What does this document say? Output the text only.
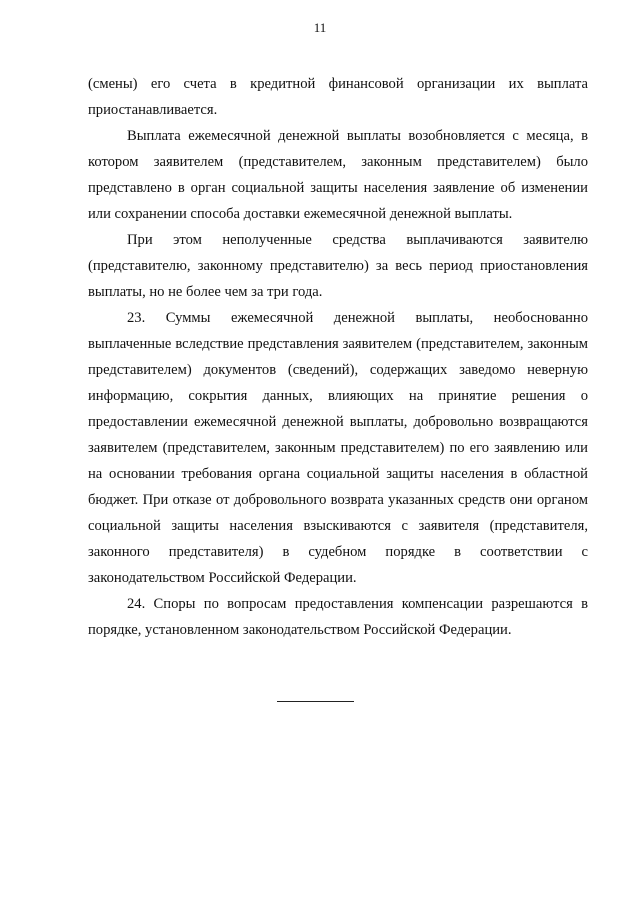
11

(смены) его счета в кредитной финансовой организации их выплата приостанавливается.

Выплата ежемесячной денежной выплаты возобновляется с месяца, в котором заявителем (представителем, законным представителем) было представлено в орган социальной защиты населения заявление об изменении или сохранении способа доставки ежемесячной денежной выплаты.

При этом неполученные средства выплачиваются заявителю (представителю, законному представителю) за весь период приостановления выплаты, но не более чем за три года.

23. Суммы ежемесячной денежной выплаты, необоснованно выплаченные вследствие представления заявителем (представителем, законным представителем) документов (сведений), содержащих заведомо неверную информацию, сокрытия данных, влияющих на принятие решения о предоставлении ежемесячной денежной выплаты, добровольно возвращаются заявителем (представителем, законным представителем) по его заявлению или на основании требования органа социальной защиты населения в областной бюджет. При отказе от добровольного возврата указанных средств они органом социальной защиты населения взыскиваются с заявителя (представителя, законного представителя) в судебном порядке в соответствии с законодательством Российской Федерации.

24. Споры по вопросам предоставления компенсации разрешаются в порядке, установленном законодательством Российской Федерации.
